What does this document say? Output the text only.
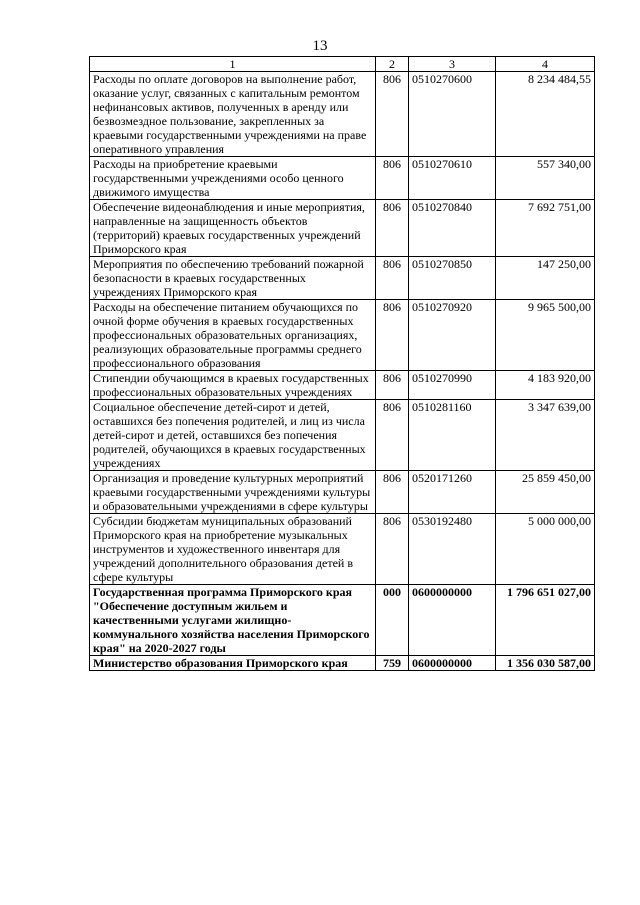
13
1	2	3	4
Расходы по оплате договоров на выполнение работ, оказание услуг, связанных с капитальным ремонтом нефинансовых активов, полученных в аренду или безвозмездное пользование, закрепленных за краевыми государственными учреждениями на праве оперативного управления	806	0510270600	8 234 484,55
Расходы на приобретение краевыми государственными учреждениями особо ценного движимого имущества	806	0510270610	557 340,00
Обеспечение видеонаблюдения и иные мероприятия, направленные на защищенность объектов (территорий) краевых государственных учреждений Приморского края	806	0510270840	7 692 751,00
Мероприятия по обеспечению требований пожарной безопасности в краевых государственных учреждениях Приморского края	806	0510270850	147 250,00
Расходы на обеспечение питанием обучающихся по очной форме обучения в краевых государственных профессиональных образовательных организациях, реализующих образовательные программы среднего профессионального образования	806	0510270920	9 965 500,00
Стипендии обучающимся в краевых государственных профессиональных образовательных учреждениях	806	0510270990	4 183 920,00
Социальное обеспечение детей-сирот и детей, оставшихся без попечения родителей, и лиц из числа детей-сирот и детей, оставшихся без попечения родителей, обучающихся в краевых государственных учреждениях	806	0510281160	3 347 639,00
Организация и проведение культурных мероприятий краевыми государственными учреждениями культуры и образовательными учреждениями в сфере культуры	806	0520171260	25 859 450,00
Субсидии бюджетам муниципальных образований Приморского края на приобретение музыкальных инструментов и художественного инвентаря для учреждений дополнительного образования детей в сфере культуры	806	0530192480	5 000 000,00
Государственная программа Приморского края "Обеспечение доступным жильем и качественными услугами жилищно-коммунального хозяйства населения Приморского края" на 2020-2027 годы	000	0600000000	1 796 651 027,00
Министерство образования Приморского края	759	0600000000	1 356 030 587,00
